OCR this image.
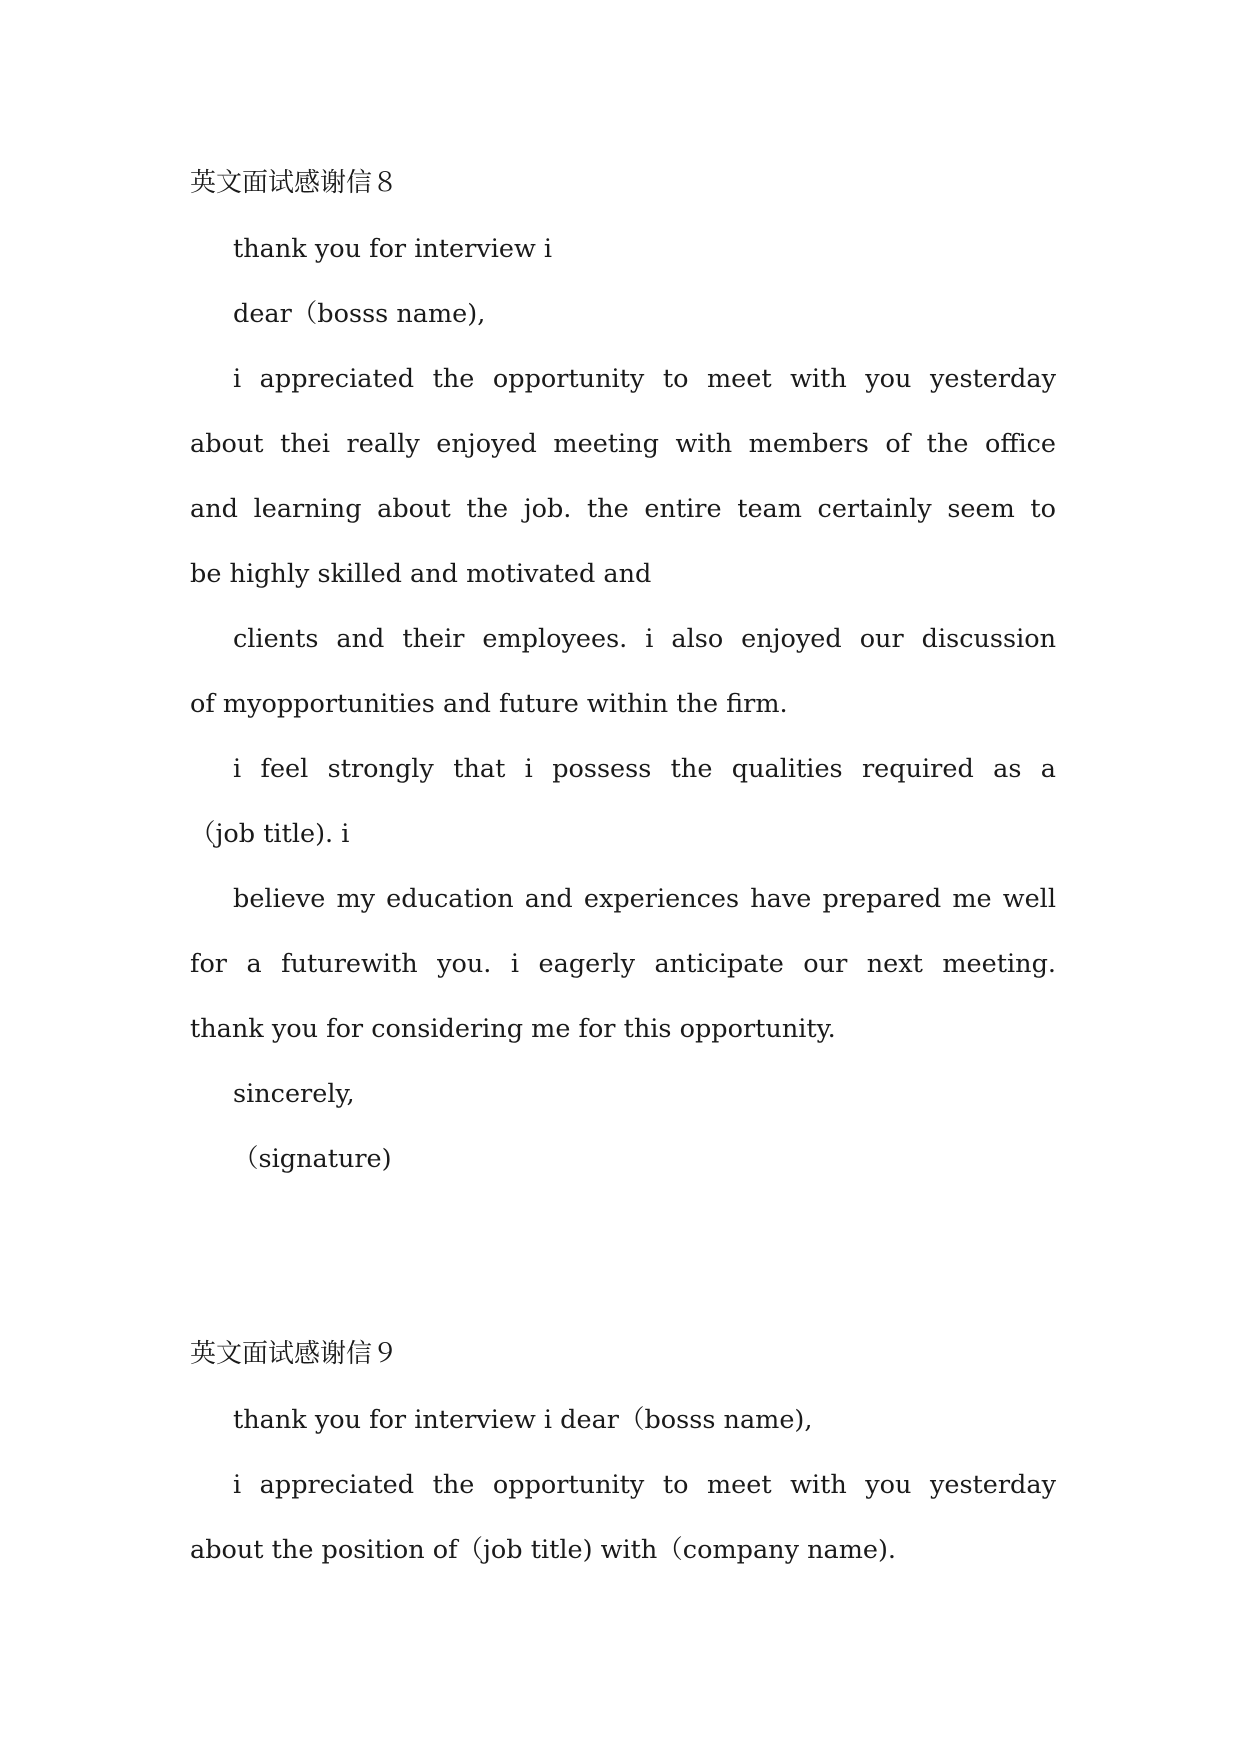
英文面试感谢信８
thank you for interview i
dear（bosss name),
i appreciated the opportunity to meet with you yesterday
about thei really enjoyed meeting with members of the office
and learning about the job. the entire team certainly seem to
be highly skilled and motivated and
clients and their employees. i also enjoyed our discussion
of myopportunities and future within the firm.
i feel strongly that i possess the qualities required as a
（job title). i
believe my education and experiences have prepared me well
for a futurewith you. i eagerly anticipate our next meeting.
thank you for considering me for this opportunity.
sincerely,
（signature)
英文面试感谢信９
thank you for interview i dear（bosss name),
i appreciated the opportunity to meet with you yesterday
about the position of（job title) with（company name).
